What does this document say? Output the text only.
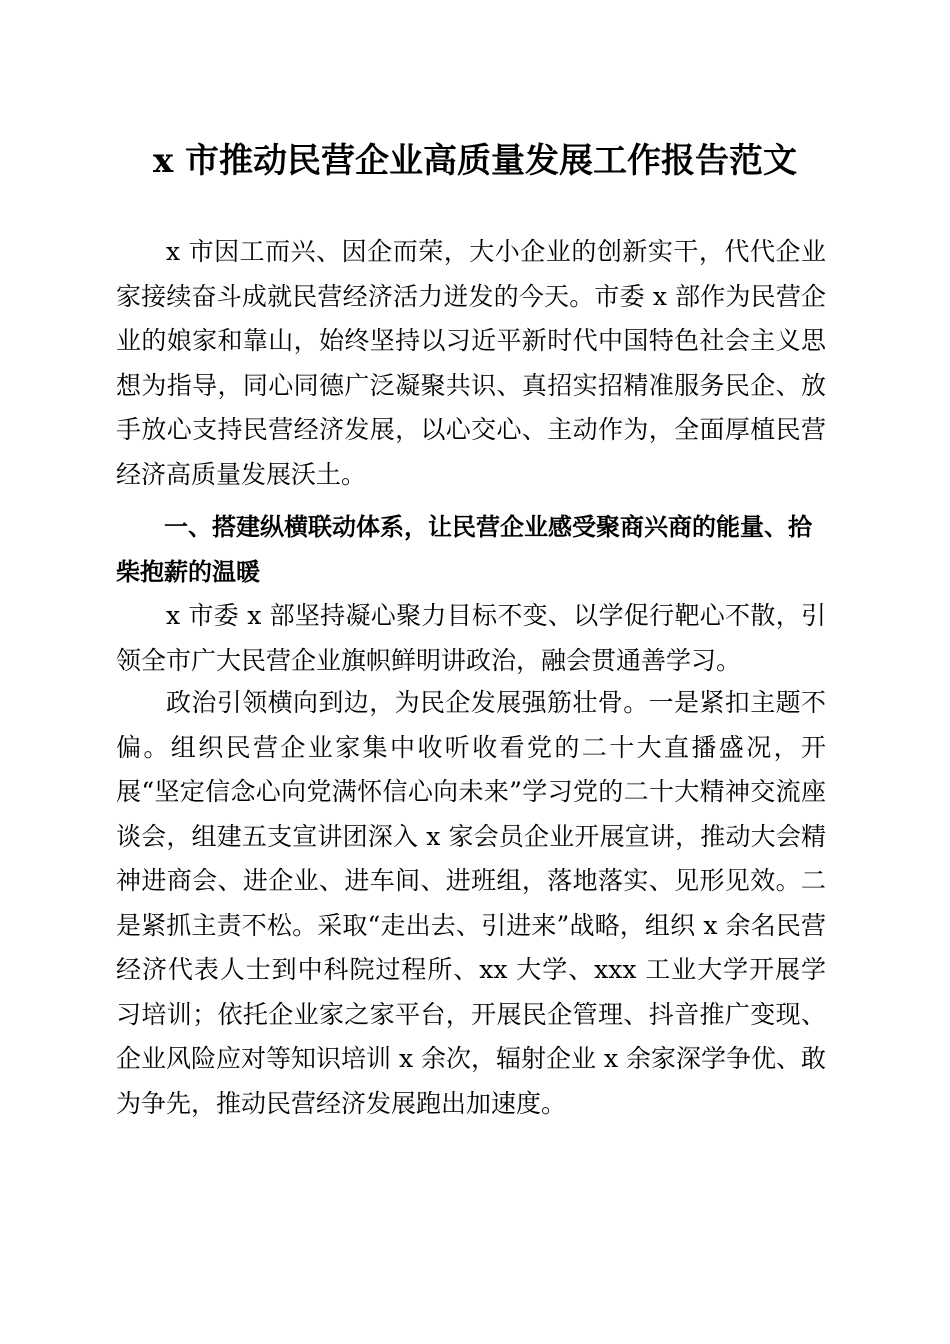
x 市推动民营企业高质量发展工作报告范文

x 市因工而兴、因企而荣，大小企业的创新实干，代代企业家接续奋斗成就民营经济活力迸发的今天。市委 x 部作为民营企业的娘家和靠山，始终坚持以习近平新时代中国特色社会主义思想为指导，同心同德广泛凝聚共识、真招实招精准服务民企、放手放心支持民营经济发展，以心交心、主动作为，全面厚植民营经济高质量发展沃土。

一、搭建纵横联动体系，让民营企业感受聚商兴商的能量、拾柴抱薪的温暖

x 市委 x 部坚持凝心聚力目标不变、以学促行靶心不散，引领全市广大民营企业旗帜鲜明讲政治，融会贯通善学习。

政治引领横向到边，为民企发展强筋壮骨。一是紧扣主题不偏。组织民营企业家集中收听收看党的二十大直播盛况，开展“坚定信念心向党满怀信心向未来”学习党的二十大精神交流座谈会，组建五支宣讲团深入 x 家会员企业开展宣讲，推动大会精神进商会、进企业、进车间、进班组，落地落实、见形见效。二是紧抓主责不松。采取“走出去、引进来”战略，组织 x 余名民营经济代表人士到中科院过程所、xx 大学、xxx 工业大学开展学习培训；依托企业家之家平台，开展民企管理、抖音推广变现、企业风险应对等知识培训 x 余次，辐射企业 x 余家深学争优、敢为争先，推动民营经济发展跑出加速度。
